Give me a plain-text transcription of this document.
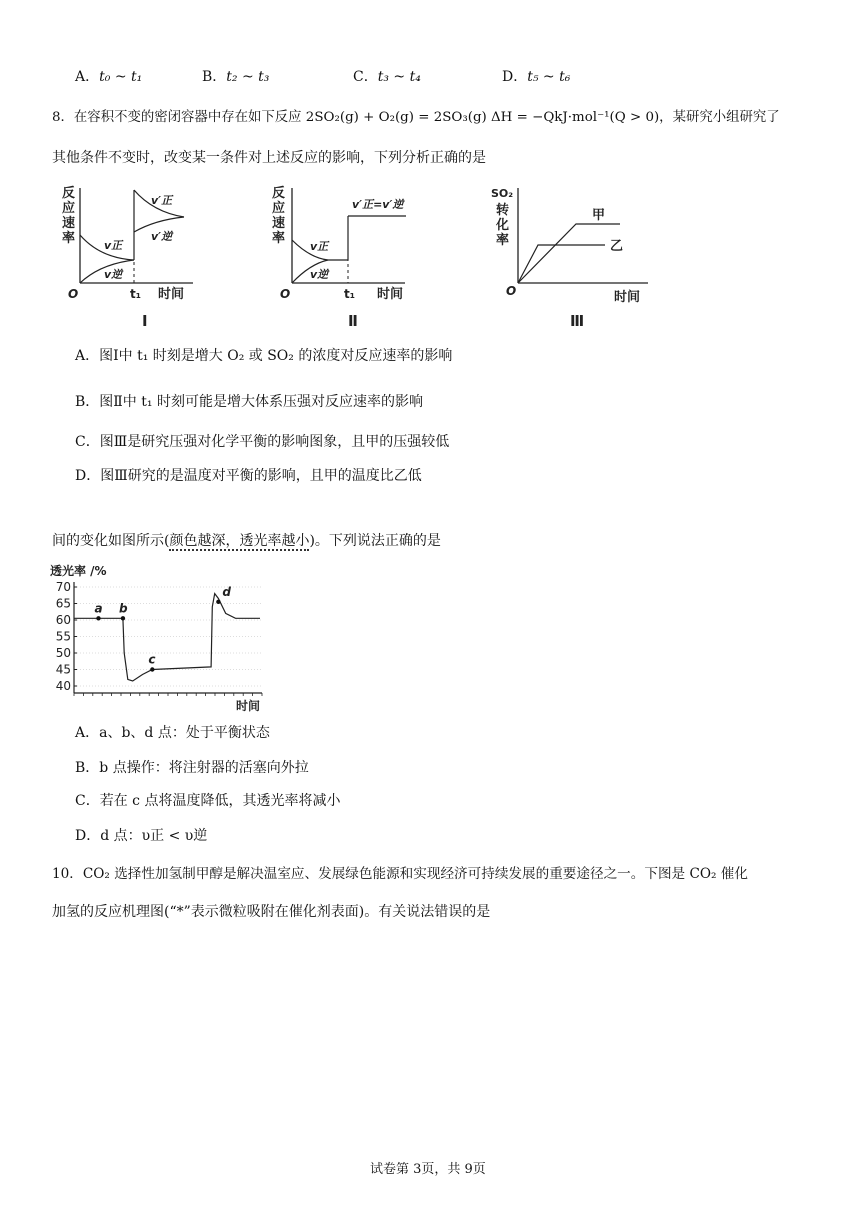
A．t₀ ~ t₁	B．t₂ ~ t₃	C．t₃ ~ t₄	D．t₅ ~ t₆
8．在容积不变的密闭容器中存在如下反应 2SO₂(g) + O₂(g) = 2SO₃(g) ΔH = −QkJ·mol⁻¹(Q > 0)，某研究小组研究了
其他条件不变时，改变某一条件对上述反应的影响，下列分析正确的是
反
应
速
率	v正
v逆
v′正
v′逆
O	t₁ 时间
Ⅰ
反
应
速
率
v正
v逆
v′正=v′逆
O	t₁ 时间
Ⅱ
SO₂
转
化
率
甲
乙
O	时间
Ⅲ
A．图Ⅰ中 t₁ 时刻是增大 O₂ 或 SO₂ 的浓度对反应速率的影响
B．图Ⅱ中 t₁ 时刻可能是增大体系压强对反应速率的影响
C．图Ⅲ是研究压强对化学平衡的影响图象，且甲的压强较低
D．图Ⅲ研究的是温度对平衡的影响，且甲的温度比乙低
间的变化如图所示(颜色越深，透光率越小)。下列说法正确的是
透光率 /%
70
65
60
55
50
45
40
a b
c
d
时间
A．a、b、d 点：处于平衡状态
B．b 点操作：将注射器的活塞向外拉
C．若在 c 点将温度降低，其透光率将减小
D．d 点：υ正 < υ逆
10．CO₂ 选择性加氢制甲醇是解决温室应、发展绿色能源和实现经济可持续发展的重要途径之一。下图是 CO₂ 催化
加氢的反应机理图(“*”表示微粒吸附在催化剂表面)。有关说法错误的是
试卷第 3页，共 9页
